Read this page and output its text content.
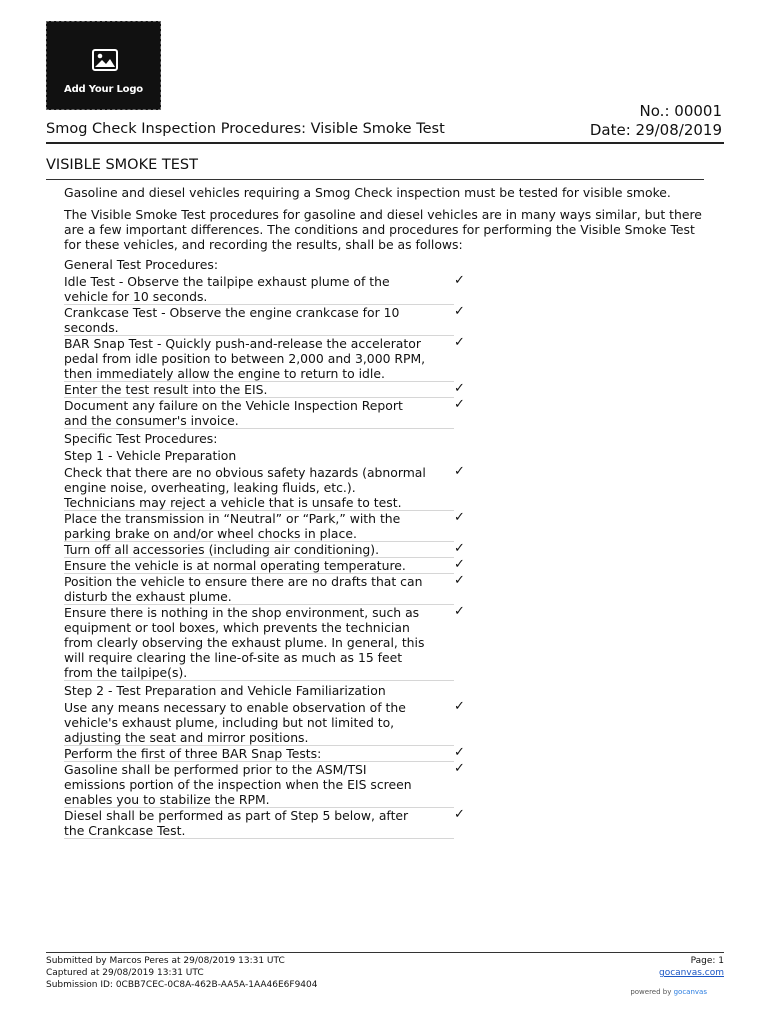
Add Your Logo
No.: 00001
Smog Check Inspection Procedures: Visible Smoke Test	Date: 29/08/2019
VISIBLE SMOKE TEST

Gasoline and diesel vehicles requiring a Smog Check inspection must be tested for visible smoke.

The Visible Smoke Test procedures for gasoline and diesel vehicles are in many ways similar, but there are a few important differences. The conditions and procedures for performing the Visible Smoke Test for these vehicles, and recording the results, shall be as follows:

General Test Procedures:
Idle Test - Observe the tailpipe exhaust plume of the vehicle for 10 seconds.
✓
Crankcase Test - Observe the engine crankcase for 10 seconds.
✓
BAR Snap Test - Quickly push-and-release the accelerator pedal from idle position to between 2,000 and 3,000 RPM, then immediately allow the engine to return to idle.
✓
Enter the test result into the EIS.	✓
Document any failure on the Vehicle Inspection Report and the consumer's invoice.
✓
Specific Test Procedures:
Step 1 - Vehicle Preparation
Check that there are no obvious safety hazards (abnormal engine noise, overheating, leaking fluids, etc.). Technicians may reject a vehicle that is unsafe to test.
✓
Place the transmission in “Neutral” or “Park,” with the parking brake on and/or wheel chocks in place.
✓
Turn off all accessories (including air conditioning).	✓
Ensure the vehicle is at normal operating temperature.	✓
Position the vehicle to ensure there are no drafts that can disturb the exhaust plume.
✓
Ensure there is nothing in the shop environment, such as equipment or tool boxes, which prevents the technician from clearly observing the exhaust plume. In general, this will require clearing the line-of-site as much as 15 feet from the tailpipe(s).
✓
Step 2 - Test Preparation and Vehicle Familiarization
Use any means necessary to enable observation of the vehicle's exhaust plume, including but not limited to, adjusting the seat and mirror positions.
✓
Perform the first of three BAR Snap Tests:	✓
Gasoline shall be performed prior to the ASM/TSI emissions portion of the inspection when the EIS screen enables you to stabilize the RPM.
✓
Diesel shall be performed as part of Step 5 below, after the Crankcase Test.
✓
Submitted by Marcos Peres at 29/08/2019 13:31 UTC
Captured at 29/08/2019 13:31 UTC
Submission ID: 0CBB7CEC-0C8A-462B-AA5A-1AA46E6F9404
Page: 1
gocanvas.com
powered by gocanvas
